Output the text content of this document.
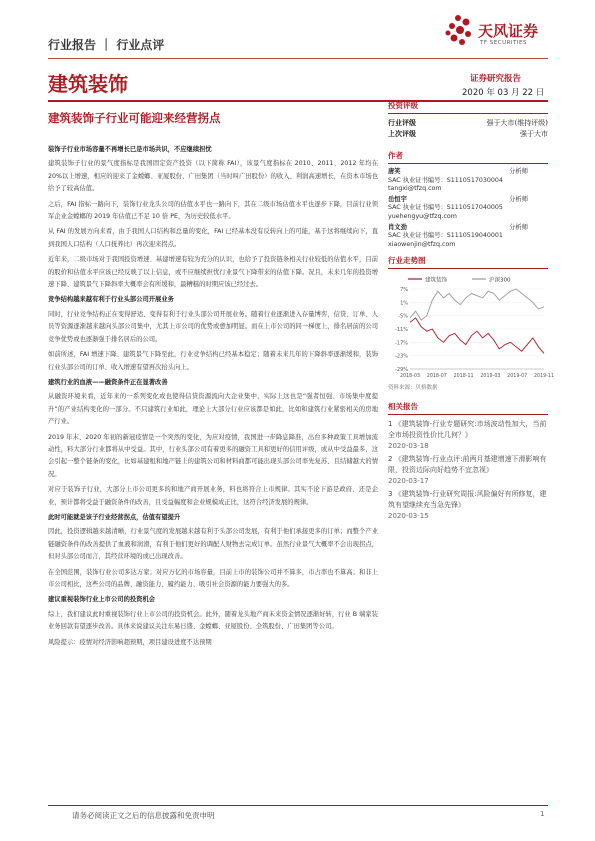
行业报告 ｜ 行业点评
天风证券
TF SECURITIES
建筑装饰	证券研究报告
2020 年 03 月 22 日
建筑装饰子行业可能迎来经营拐点

装饰子行业市场容量不再增长已是市场共识，不应继续担忧

建筑装饰子行业的景气度指标是我国固定资产投资（以下简称 FAI），该景气度指标在 2010、2011、2012 年均在 20%以上增速，相应的迎来了金螳螂、亚厦股份、广田集团（当时叫广田股份）的收入、利润高速增长，在资本市场也给予了较高估值。

之后，FAI 指标一路向下，装饰行业龙头公司的估值水平也一路向下，其在二级市场估值水平也逐步下降，目前行业领军企业金螳螂的 2019 年估值已不足 10 倍 PE，为历史较低水平。

从 FAI 的发展方向来看，由于我国人口结构和总量的变化，FAI 已经基本没有反转向上的可能，基于这将继续向下，直到我国人口结构（人口抚养比）再次迎来拐点。

近年来，二级市场对于我国投资增速、基建增速有较为充分的认识，也给予了投资链条相关行业较低的估值水平，目前的股价和估值水平应该已经反映了以上信息，或不应继续担忧行业景气下降带来的估值下降。况且，未来几年的投资增速下降、建筑景气下降斜率大概率会有所缓和，最糟糕的时期应该已经过去。

竞争结构越来越有利于行业头部公司开展业务

同时，行业竞争结构正在变得舒适、变得有利于行业头部公司开展业务。随着行业逐渐进入存量博弈，信贷、订单、人员等资源逐渐越来越向头部公司集中，尤其上市公司的优势或愈加明显。而在上市公司的同一梯度上，排名居前的公司竞争优势或也逐渐强于排名居后的公司。

如前所述，FAI 增速下降、建筑景气下降至此，行业竞争结构已经基本稳定；随着未来几年的下降斜率逐渐缓和，装饰行业头部公司的订单、收入增速有望再次抬头向上。

建筑行业的血液——融资条件正在显著改善

从融资环境来看，近年来的一系列变化或也使得信贷资源流向大企业集中，实际上这也是“强者恒强、市场集中度提升”的产业结构变化的一部分。不只建筑行业如此，理论上大部分行业应该都是如此，比如和建筑行业紧密相关的房地产行业。

2019 年末、2020 年初的新冠疫情是一个突然的变化，为应对疫情，我国进一步降息降准，出台多种政策工具增加流动性，料大部分行业都将从中受益。其中，行业头部公司有着更多的融资工具和更好的信用评级，或从中受益最多，这会引起一整个链条的变化，比如基建租和地产链上的建筑公司和材料商都可能出现头部公司率先复苏、且结储越大的情况。

对应于装饰子行业，大部分上市公司更多的和地产商开展业务，料也将符合上市规律。其实不论下游是政府、还是企业，预计都将受益于融资条件的改善，且受益幅度和企业规模成正比，这符合经济发展的规律。

此时可能就是该子行业经营拐点，估值有望提升

因此，投资逻辑越来越清晰，行业景气度的发展越来越有利于头部公司发展，有利于他们承接更多的订单；而整个产业链融资条件的改善提供了血液和润滑，有利于他们更好的调配人财物去完成订单。虽然行业景气大概率不会出现拐点，但对头部公司而言，其经营环境的或已出现改善。

在全国范围，装饰行业公司多达万家；对应万亿的市场容量，目前上市的装饰公司并不算多，市占率也不算高；和非上市公司相比，这些公司的品牌、融资能力、履约能力、吸引社会资源的能力要强大的多。

建议重视装饰行业上市公司的投资机会

综上，我们建议此时重视装饰行业上市公司的投资机会。此外，随着龙头地产商未来资金情况逐渐好转，行业 B 端家装业务回款有望逐步改善。具体来说建议关注东易日盛、金螳螂、亚厦股份、全筑股份、广田集团等公司。

风险提示：疫情对经济影响超预期，项目建设进度不达预期

投资评级
行业评级	强于大市(维持评级)
上次评级	强于大市
作者
唐笑	分析师
SAC 执业证书编号：S1110517030004
tangxi@tfzq.com
岳恒宇	分析师
SAC 执业证书编号：S1110517040005
yuehengyu@tfzq.com
肖文劲	分析师
SAC 执业证书编号：S1110519040001
xiaowenjin@tfzq.com
行业走势图
建筑装饰	沪深300
7%
1%
-5%
-11%
-17%
-23%
-29%
2018-03 2018-07 2018-11 2019-03 2019-07 2019-11
资料来源：贝格数据
相关报告
1 《建筑装饰-行业专题研究:市场波动性加大，当前全市场投资性价比几何？》
2020-03-18
2 《建筑装饰-行业点评:前两月基建增速下滑影响有限，投资边际向好趋势不宜忽视》
2020-03-17
3 《建筑装饰-行业研究周报:风险偏好有所修复，建筑有望继续充当急先锋》
2020-03-15
请务必阅读正文之后的信息披露和免责申明	1
